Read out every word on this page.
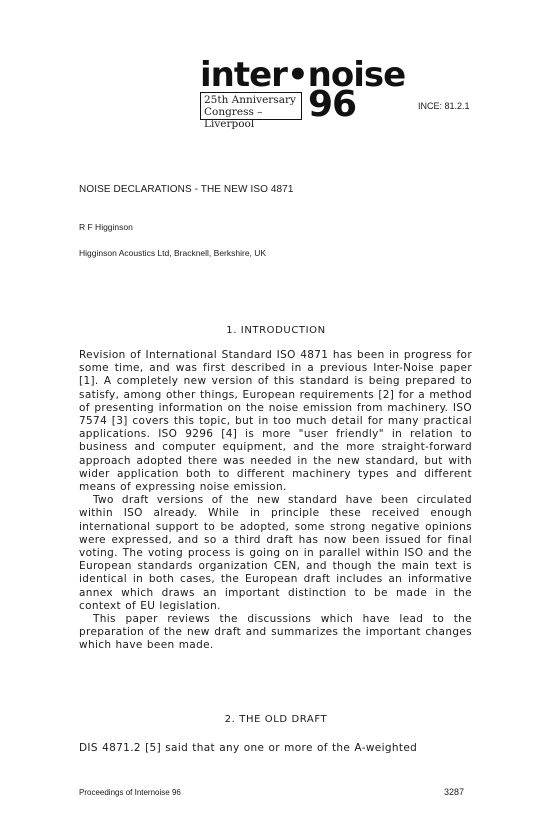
inter•noise
25th Anniversary
Congress – Liverpool	96	INCE: 81.2.1
NOISE DECLARATIONS - THE NEW ISO 4871
R F Higginson
Higginson Acoustics Ltd, Bracknell, Berkshire, UK
1. INTRODUCTION

Revision of International Standard ISO 4871 has been in progress for some time, and was first described in a previous Inter-Noise paper [1]. A completely new version of this standard is being prepared to satisfy, among other things, European requirements [2] for a method of presenting information on the noise emission from machinery. ISO 7574 [3] covers this topic, but in too much detail for many practical applications. ISO 9296 [4] is more "user friendly" in relation to business and computer equipment, and the more straight-forward approach adopted there was needed in the new standard, but with wider application both to different machinery types and different means of expressing noise emission.

Two draft versions of the new standard have been circulated within ISO already. While in principle these received enough international support to be adopted, some strong negative opinions were expressed, and so a third draft has now been issued for final voting. The voting process is going on in parallel within ISO and the European standards organization CEN, and though the main text is identical in both cases, the European draft includes an informative annex which draws an important distinction to be made in the context of EU legislation.

This paper reviews the discussions which have lead to the preparation of the new draft and summarizes the important changes which have been made.

2. THE OLD DRAFT

DIS 4871.2 [5] said that any one or more of the A-weighted

Proceedings of Internoise 96	3287
